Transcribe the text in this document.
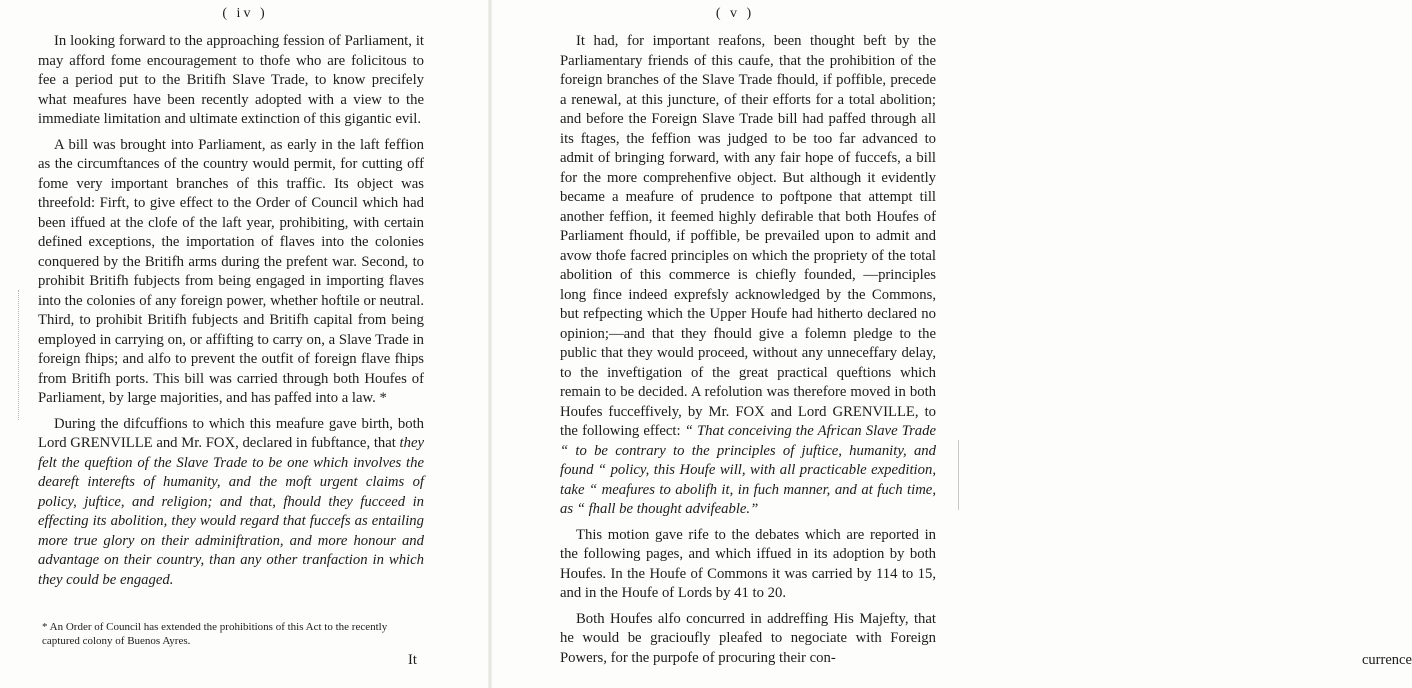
( iv )

In looking forward to the approaching fession of Parliament, it may afford fome encouragement to thofe who are folicitous to fee a period put to the Britifh Slave Trade, to know precifely what meafures have been recently adopted with a view to the immediate limitation and ultimate extinction of this gigantic evil.

A bill was brought into Parliament, as early in the laft feffion as the circumftances of the country would permit, for cutting off fome very important branches of this traffic. Its object was threefold: Firft, to give effect to the Order of Council which had been iffued at the clofe of the laft year, prohibiting, with certain defined exceptions, the importation of flaves into the colonies conquered by the Britifh arms during the prefent war. Second, to prohibit Britifh fubjects from being engaged in importing flaves into the colonies of any foreign power, whether hoftile or neutral. Third, to prohibit Britifh fubjects and Britifh capital from being employed in carrying on, or affifting to carry on, a Slave Trade in foreign fhips; and alfo to prevent the outfit of foreign flave fhips from Britifh ports. This bill was carried through both Houfes of Parliament, by large majorities, and has paffed into a law. *

During the difcuffions to which this meafure gave birth, both Lord GRENVILLE and Mr. FOX, declared in fubftance, that they felt the queftion of the Slave Trade to be one which involves the deareft interefts of humanity, and the moft urgent claims of policy, juftice, and religion; and that, fhould they fucceed in effecting its abolition, they would regard that fuccefs as entailing more true glory on their adminiftration, and more honour and advantage on their country, than any other tranfaction in which they could be engaged.

* An Order of Council has extended the prohibitions of this Act to the recently captured colony of Buenos Ayres.
It
( v )

It had, for important reafons, been thought beft by the Parliamentary friends of this caufe, that the prohibition of the foreign branches of the Slave Trade fhould, if poffible, precede a renewal, at this juncture, of their efforts for a total abolition; and before the Foreign Slave Trade bill had paffed through all its ftages, the feffion was judged to be too far advanced to admit of bringing forward, with any fair hope of fuccefs, a bill for the more comprehenfive object. But although it evidently became a meafure of prudence to poftpone that attempt till another feffion, it feemed highly defirable that both Houfes of Parliament fhould, if poffible, be prevailed upon to admit and avow thofe facred principles on which the propriety of the total abolition of this commerce is chiefly founded, —principles long fince indeed exprefsly acknowledged by the Commons, but refpecting which the Upper Houfe had hitherto declared no opinion;—and that they fhould give a folemn pledge to the public that they would proceed, without any unneceffary delay, to the inveftigation of the great practical queftions which remain to be decided. A refolution was therefore moved in both Houfes fucceffively, by Mr. FOX and Lord GRENVILLE, to the following effect: “ That conceiving the African Slave Trade “ to be contrary to the principles of juftice, humanity, and found “ policy, this Houfe will, with all practicable expedition, take “ meafures to abolifh it, in fuch manner, and at fuch time, as “ fhall be thought advifeable.”

This motion gave rife to the debates which are reported in the following pages, and which iffued in its adoption by both Houfes. In the Houfe of Commons it was carried by 114 to 15, and in the Houfe of Lords by 41 to 20.

Both Houfes alfo concurred in addreffing His Majefty, that he would be gracioufly pleafed to negociate with Foreign Powers, for the purpofe of procuring their con-	currence
